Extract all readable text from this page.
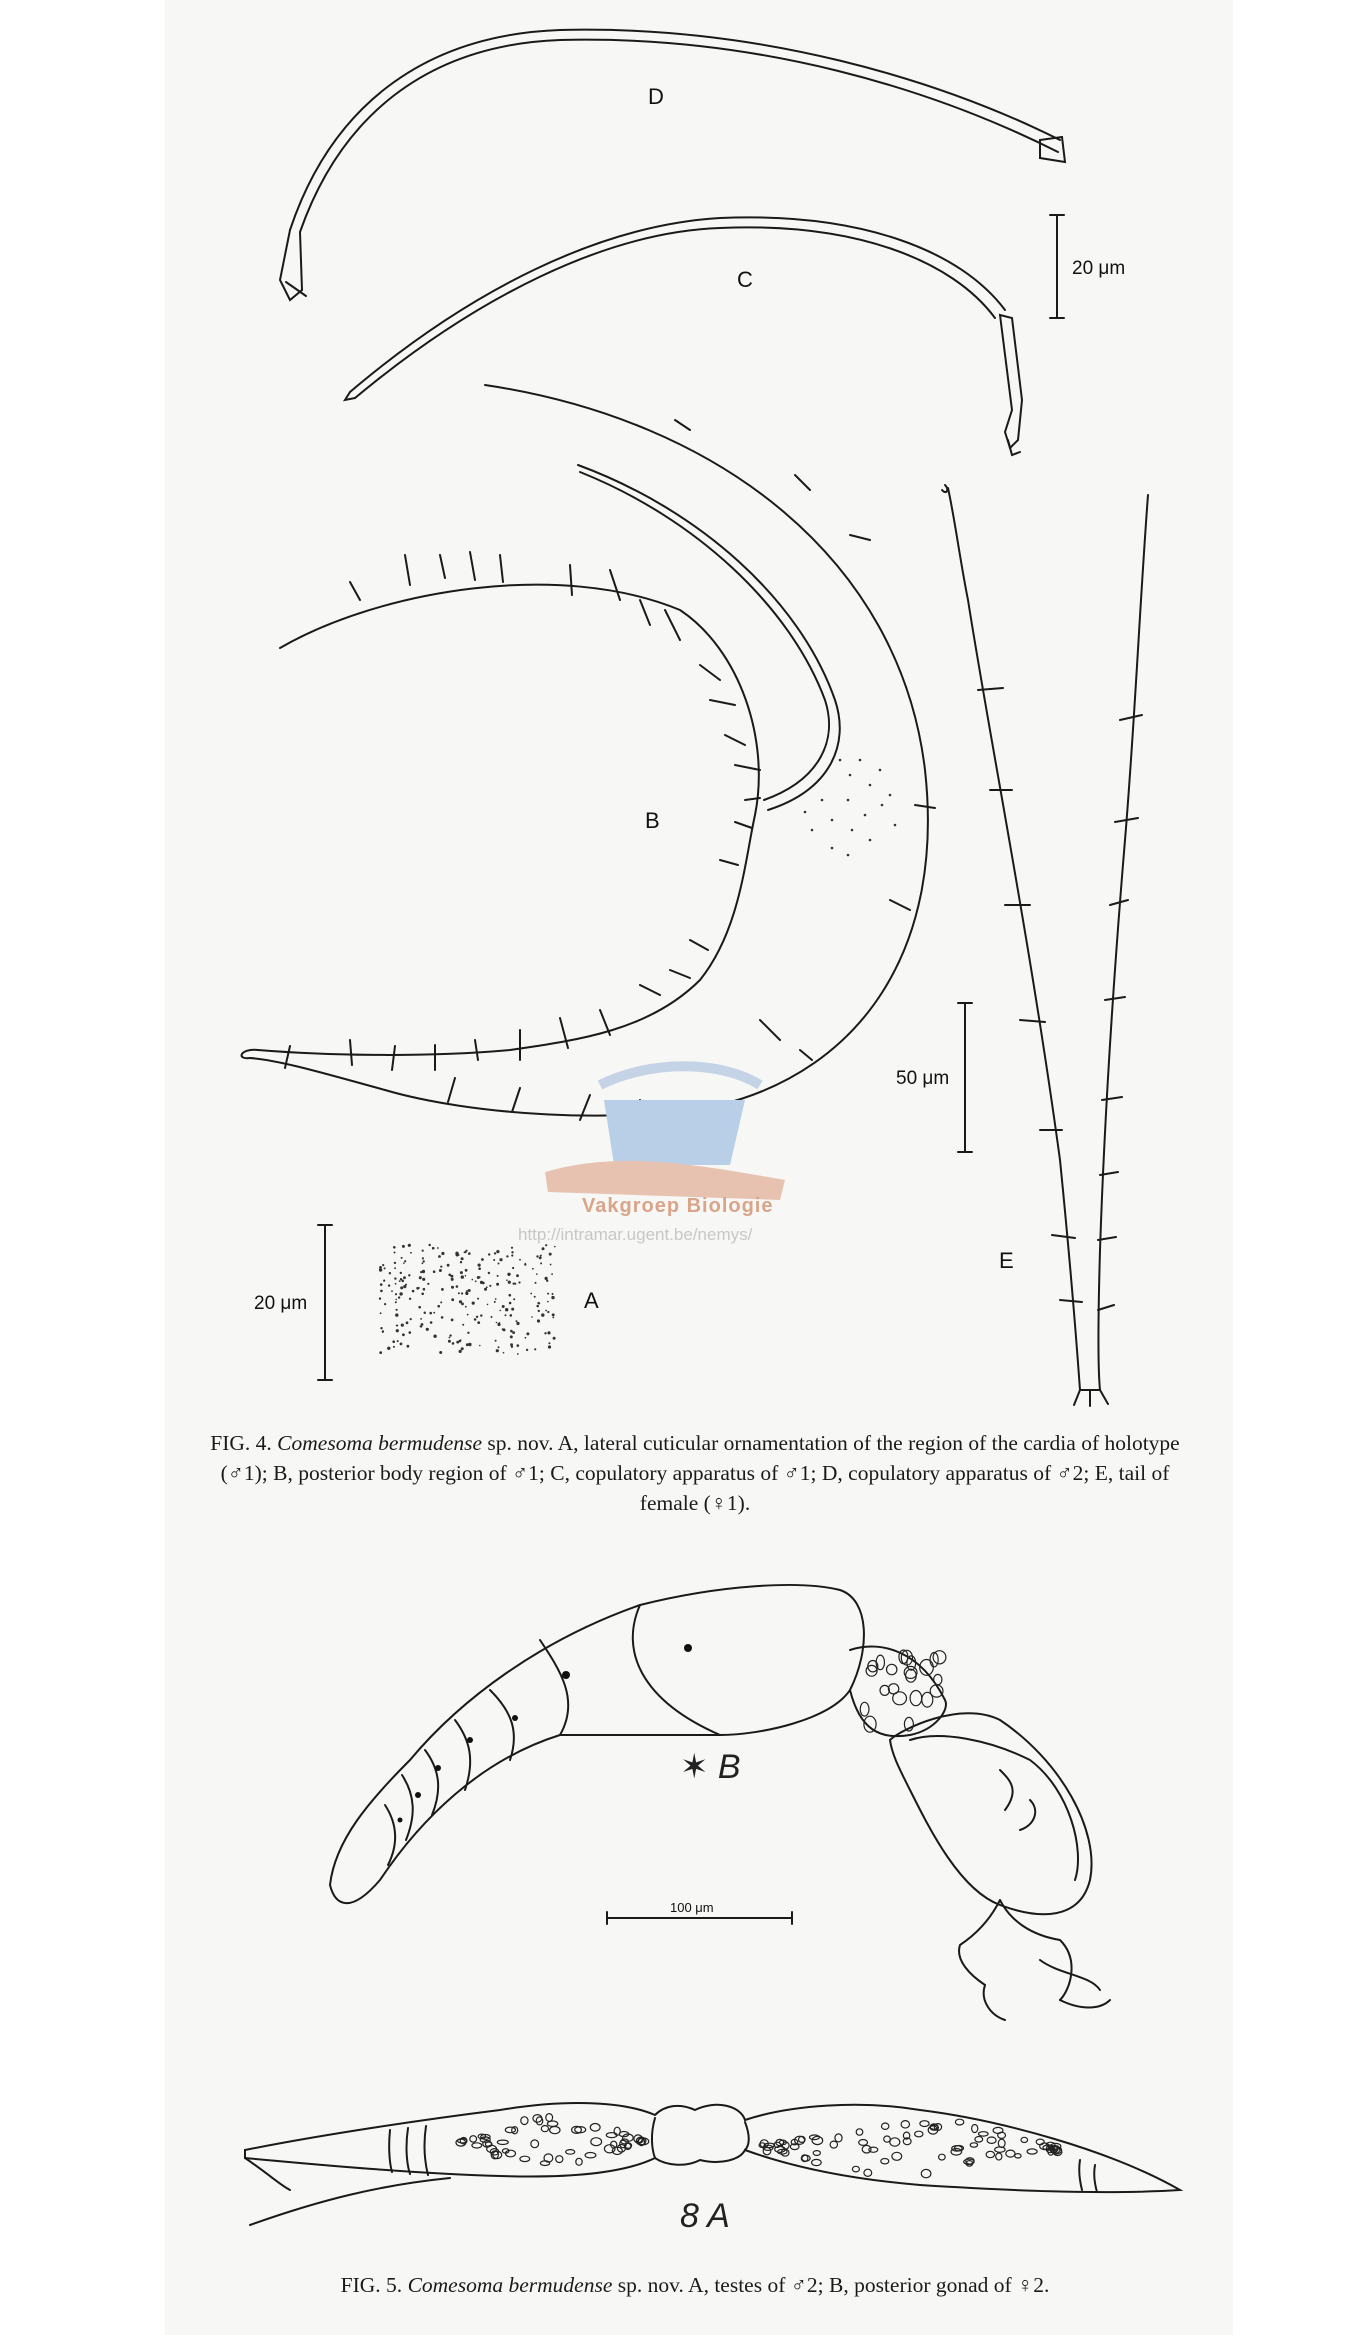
Vakgroep Biologie
http://intramar.ugent.be/nemys/
D
C
B
E
A
20 μm
50 μm
20 μm
100 μm
✶ B
8 A
FIG. 4. Comesoma bermudense sp. nov. A, lateral cuticular ornamentation of the region of the cardia of holotype (♂1); B, posterior body region of ♂1; C, copulatory apparatus of ♂1; D, copulatory apparatus of ♂2; E, tail of female (♀1).
FIG. 5. Comesoma bermudense sp. nov. A, testes of ♂2; B, posterior gonad of ♀2.
